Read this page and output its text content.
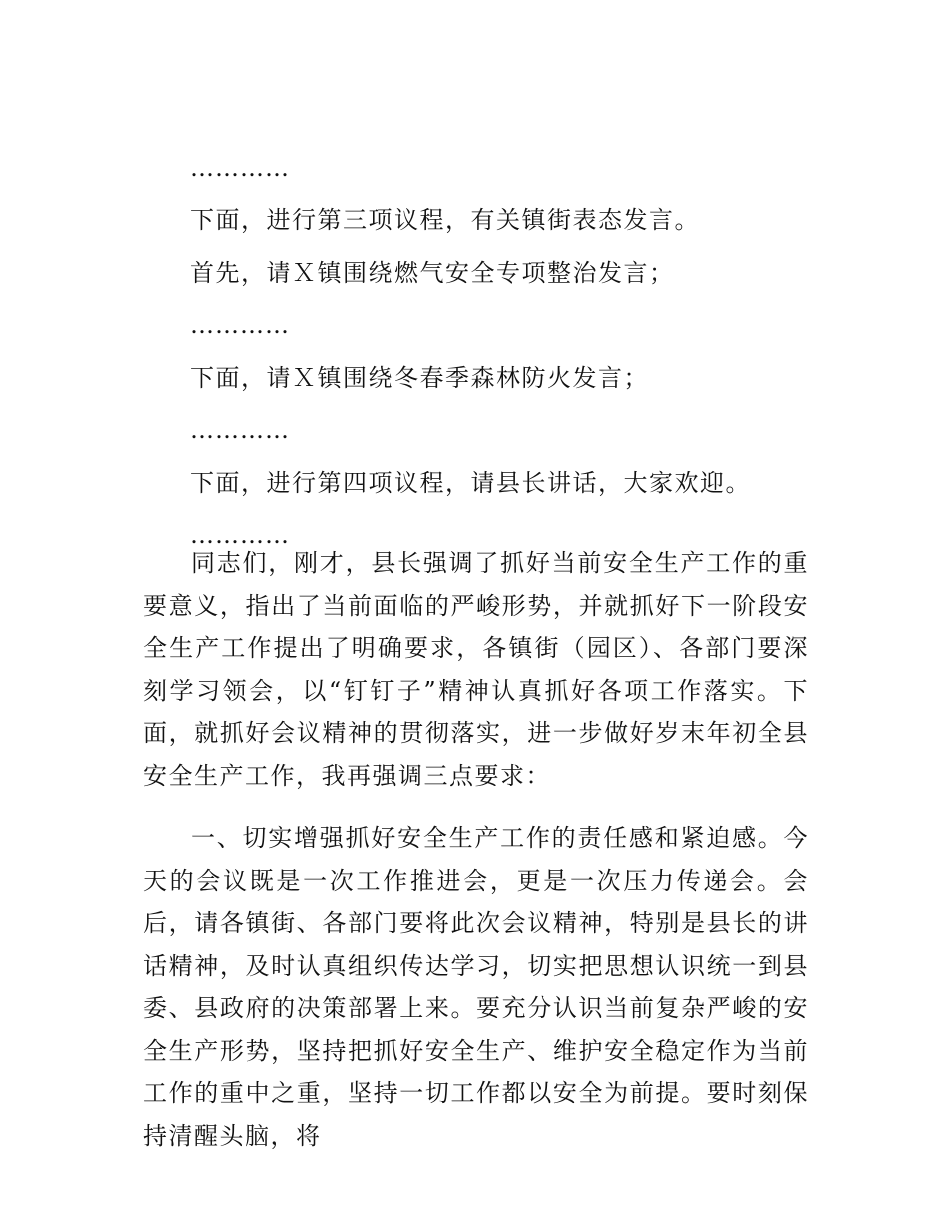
…………

下面，进行第三项议程，有关镇街表态发言。

首先，请Ｘ镇围绕燃气安全专项整治发言；

…………

下面，请Ｘ镇围绕冬春季森林防火发言；

…………

下面，进行第四项议程，请县长讲话，大家欢迎。

…………

同志们，刚才，县长强调了抓好当前安全生产工作的重要意义，指出了当前面临的严峻形势，并就抓好下一阶段安全生产工作提出了明确要求，各镇街（园区）、各部门要深刻学习领会，以“钉钉子”精神认真抓好各项工作落实。下面，就抓好会议精神的贯彻落实，进一步做好岁末年初全县安全生产工作，我再强调三点要求：
一、切实增强抓好安全生产工作的责任感和紧迫感。今天的会议既是一次工作推进会，更是一次压力传递会。会后，请各镇街、各部门要将此次会议精神，特别是县长的讲话精神，及时认真组织传达学习，切实把思想认识统一到县委、县政府的决策部署上来。要充分认识当前复杂严峻的安全生产形势，坚持把抓好安全生产、维护安全稳定作为当前工作的重中之重，坚持一切工作都以安全为前提。要时刻保持清醒头脑，将
